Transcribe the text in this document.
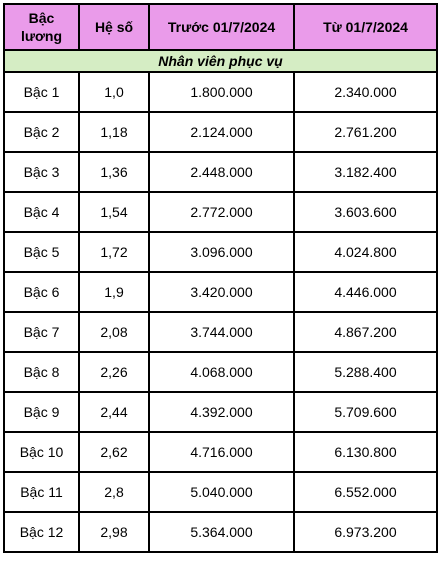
Bậc
lương	Hệ số	Trước 01/7/2024	Từ 01/7/2024
Nhân viên phục vụ			
Bậc 1	1,0	1.800.000	2.340.000
Bậc 2	1,18	2.124.000	2.761.200
Bậc 3	1,36	2.448.000	3.182.400
Bậc 4	1,54	2.772.000	3.603.600
Bậc 5	1,72	3.096.000	4.024.800
Bậc 6	1,9	3.420.000	4.446.000
Bậc 7	2,08	3.744.000	4.867.200
Bậc 8	2,26	4.068.000	5.288.400
Bậc 9	2,44	4.392.000	5.709.600
Bậc 10	2,62	4.716.000	6.130.800
Bậc 11	2,8	5.040.000	6.552.000
Bậc 12	2,98	5.364.000	6.973.200
